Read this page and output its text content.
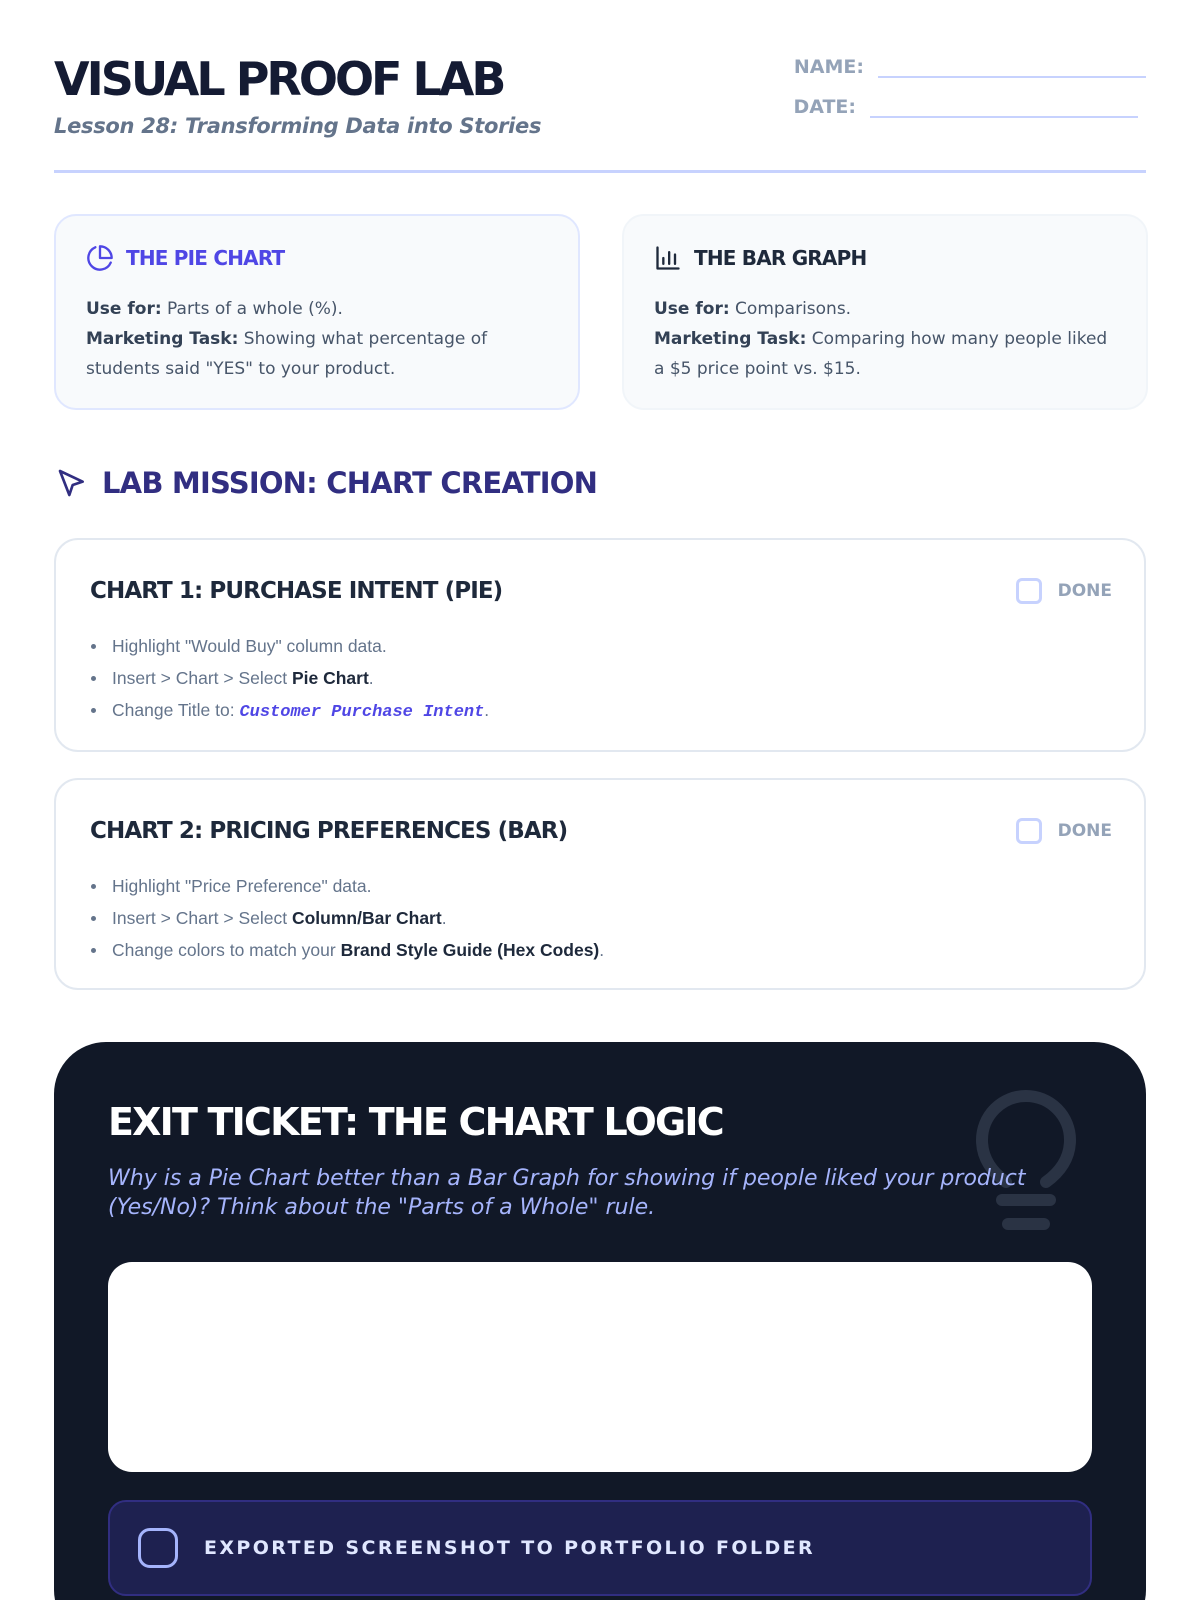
VISUAL PROOF LAB
Lesson 28: Transforming Data into Stories
NAME:
DATE:
THE PIE CHART
Use for: Parts of a whole (%).
Marketing Task: Showing what percentage of students said "YES" to your product.
THE BAR GRAPH
Use for: Comparisons.
Marketing Task: Comparing how many people liked a $5 price point vs. $15.
LAB MISSION: CHART CREATION
CHART 1: PURCHASE INTENT (PIE)	DONE
Highlight "Would Buy" column data.
Insert > Chart > Select Pie Chart.
Change Title to: Customer Purchase Intent.
CHART 2: PRICING PREFERENCES (BAR)	DONE
Highlight "Price Preference" data.
Insert > Chart > Select Column/Bar Chart.
Change colors to match your Brand Style Guide (Hex Codes).
EXIT TICKET: THE CHART LOGIC
Why is a Pie Chart better than a Bar Graph for showing if people liked your product (Yes/No)? Think about the "Parts of a Whole" rule.
EXPORTED SCREENSHOT TO PORTFOLIO FOLDER
